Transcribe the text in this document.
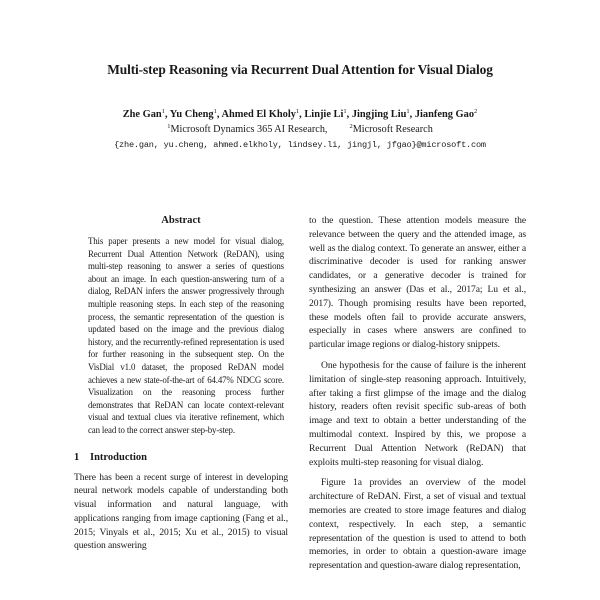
Multi-step Reasoning via Recurrent Dual Attention for Visual Dialog
Zhe Gan$^1$, Yu Cheng$^1$, Ahmed El Kholy$^1$, Linjie Li$^1$, Jingjing Liu$^1$, Jianfeng Gao$^2$
$^1$Microsoft Dynamics 365 AI Research,	$^2$Microsoft Research
{zhe.gan, yu.cheng, ahmed.elkholy, lindsey.li, jingjl, jfgao}@microsoft.com
Abstract

This paper presents a new model for visual dialog, Recurrent Dual Attention Network (ReDAN), using multi-step reasoning to answer a series of questions about an image. In each question-answering turn of a dialog, ReDAN infers the answer progressively through multiple reasoning steps. In each step of the reasoning process, the semantic representation of the question is updated based on the image and the previous dialog history, and the recurrently-refined representation is used for further reasoning in the subsequent step. On the VisDial v1.0 dataset, the proposed ReDAN model achieves a new state-of-the-art of 64.47% NDCG score. Visualization on the reasoning process further demonstrates that ReDAN can locate context-relevant visual and textual clues via iterative refinement, which can lead to the correct answer step-by-step.

1 Introduction

There has been a recent surge of interest in developing neural network models capable of understanding both visual information and natural language, with applications ranging from image captioning (Fang et al., 2015; Vinyals et al., 2015; Xu et al., 2015) to visual question answering

to the question. These attention models measure the relevance between the query and the attended image, as well as the dialog context. To generate an answer, either a discriminative decoder is used for ranking answer candidates, or a generative decoder is trained for synthesizing an answer (Das et al., 2017a; Lu et al., 2017). Though promising results have been reported, these models often fail to provide accurate answers, especially in cases where answers are confined to particular image regions or dialog-history snippets.

One hypothesis for the cause of failure is the inherent limitation of single-step reasoning approach. Intuitively, after taking a first glimpse of the image and the dialog history, readers often revisit specific sub-areas of both image and text to obtain a better understanding of the multimodal context. Inspired by this, we propose a Recurrent Dual Attention Network (ReDAN) that exploits multi-step reasoning for visual dialog.

Figure 1a provides an overview of the model architecture of ReDAN. First, a set of visual and textual memories are created to store image features and dialog context, respectively. In each step, a semantic representation of the question is used to attend to both memories, in order to obtain a question-aware image representation and question-aware dialog representation,
